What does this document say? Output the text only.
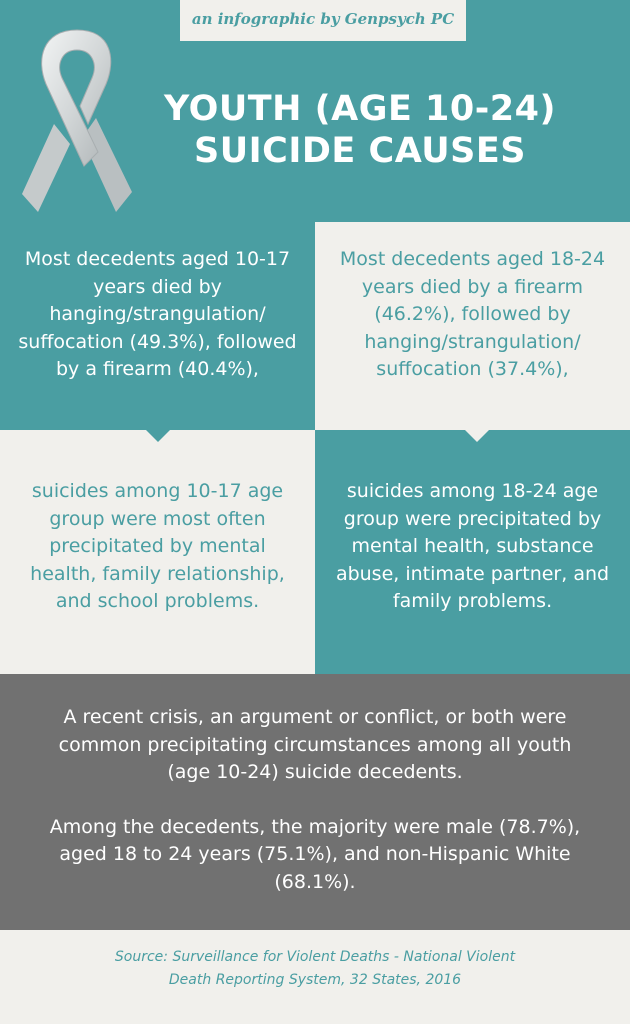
an infographic by Genpsych PC
YOUTH (AGE 10-24)
SUICIDE CAUSES
Most decedents aged 10-17 years died by hanging/strangulation/ suffocation (49.3%), followed by a firearm (40.4%),
Most decedents aged 18-24 years died by a firearm (46.2%), followed by hanging/strangulation/ suffocation (37.4%),
suicides among 10-17 age group were most often precipitated by mental health, family relationship, and school problems.
suicides among 18-24 age group were precipitated by mental health, substance abuse, intimate partner, and family problems.

A recent crisis, an argument or conflict, or both were common precipitating circumstances among all youth (age 10-24) suicide decedents.

Among the decedents, the majority were male (78.7%), aged 18 to 24 years (75.1%), and non-Hispanic White (68.1%).

Source: Surveillance for Violent Deaths - National Violent Death Reporting System, 32 States, 2016
